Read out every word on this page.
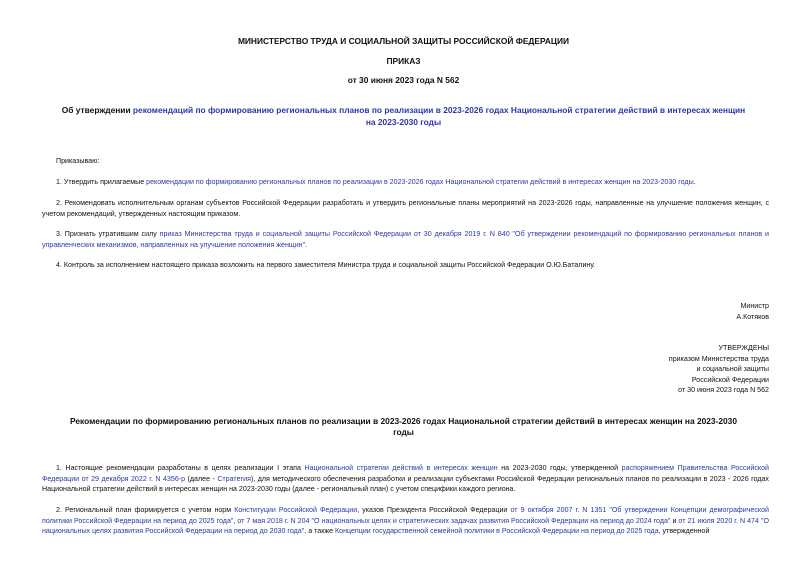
МИНИСТЕРСТВО ТРУДА И СОЦИАЛЬНОЙ ЗАЩИТЫ РОССИЙСКОЙ ФЕДЕРАЦИИ
ПРИКАЗ
от 30 июня 2023 года N 562
Об утверждении рекомендаций по формированию региональных планов по реализации в 2023-2026 годах Национальной стратегии действий в интересах женщин
на 2023-2030 годы
Приказываю:
1. Утвердить прилагаемые рекомендации по формированию региональных планов по реализации в 2023-2026 годах Национальной стратегии действий в интересах женщин на 2023-2030 годы.
2. Рекомендовать исполнительным органам субъектов Российской Федерации разработать и утвердить региональные планы мероприятий на 2023-2026 годы, направленные на улучшение положения женщин, с учетом рекомендаций, утвержденных настоящим приказом.
3. Признать утратившим силу приказ Министерства труда и социальной защиты Российской Федерации от 30 декабря 2019 г. N 840 "Об утверждении рекомендаций по формированию региональных планов и управленческих механизмов, направленных на улучшение положения женщин".
4. Контроль за исполнением настоящего приказа возложить на первого заместителя Министра труда и социальной защиты Российской Федерации О.Ю.Баталину.
Министр
А.Котяков
УТВЕРЖДЕНЫ
приказом Министерства труда
и социальной защиты
Российской Федерации
от 30 июня 2023 года N 562
Рекомендации по формированию региональных планов по реализации в 2023-2026 годах Национальной стратегии действий в интересах женщин на 2023-2030
годы
1. Настоящие рекомендации разработаны в целях реализации I этапа Национальной стратегии действий в интересах женщин на 2023-2030 годы, утвержденной распоряжением Правительства Российской Федерации от 29 декабря 2022 г. N 4356-р (далее - Стратегия), для методического обеспечения разработки и реализации субъектами Российской Федерации региональных планов по реализации в 2023 - 2026 годах Национальной стратегии действий в интересах женщин на 2023-2030 годы (далее - региональный план) с учетом специфики каждого региона.
2. Региональный план формируется с учетом норм Конституции Российской Федерации, указов Президента Российской Федерации от 9 октября 2007 г. N 1351 "Об утверждении Концепции демографической политики Российской Федерации на период до 2025 года", от 7 мая 2018 г. N 204 "О национальных целях и стратегических задачах развития Российской Федерации на период до 2024 года" и от 21 июля 2020 г. N 474 "О национальных целях развития Российской Федерации на период до 2030 года", а также Концепции государственной семейной политики в Российской Федерации на период до 2025 года, утвержденной
